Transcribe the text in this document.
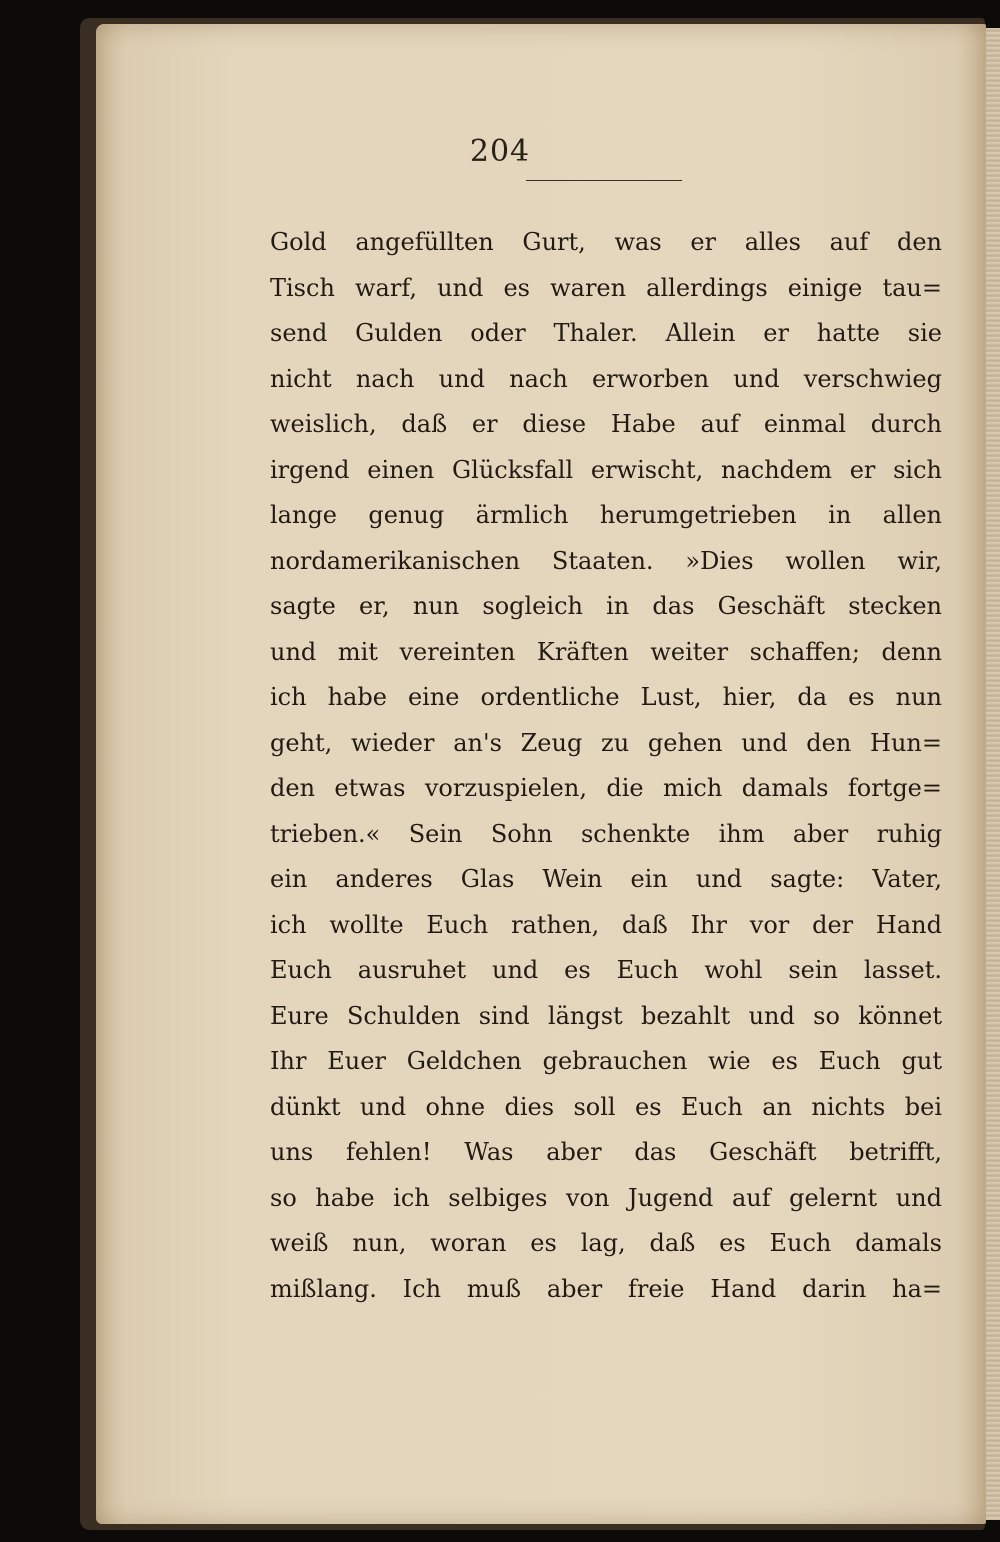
204
Gold angefüllten Gurt, was er alles auf den
Tisch warf, und es waren allerdings einige tau=
send Gulden oder Thaler. Allein er hatte sie
nicht nach und nach erworben und verschwieg
weislich, daß er diese Habe auf einmal durch
irgend einen Glücksfall erwischt, nachdem er sich
lange genug ärmlich herumgetrieben in allen
nordamerikanischen Staaten. »Dies wollen wir,
sagte er, nun sogleich in das Geschäft stecken
und mit vereinten Kräften weiter schaffen; denn
ich habe eine ordentliche Lust, hier, da es nun
geht, wieder an's Zeug zu gehen und den Hun=
den etwas vorzuspielen, die mich damals fortge=
trieben.« Sein Sohn schenkte ihm aber ruhig
ein anderes Glas Wein ein und sagte: Vater,
ich wollte Euch rathen, daß Ihr vor der Hand
Euch ausruhet und es Euch wohl sein lasset.
Eure Schulden sind längst bezahlt und so könnet
Ihr Euer Geldchen gebrauchen wie es Euch gut
dünkt und ohne dies soll es Euch an nichts bei
uns fehlen! Was aber das Geschäft betrifft,
so habe ich selbiges von Jugend auf gelernt und
weiß nun, woran es lag, daß es Euch damals
mißlang. Ich muß aber freie Hand darin ha=
